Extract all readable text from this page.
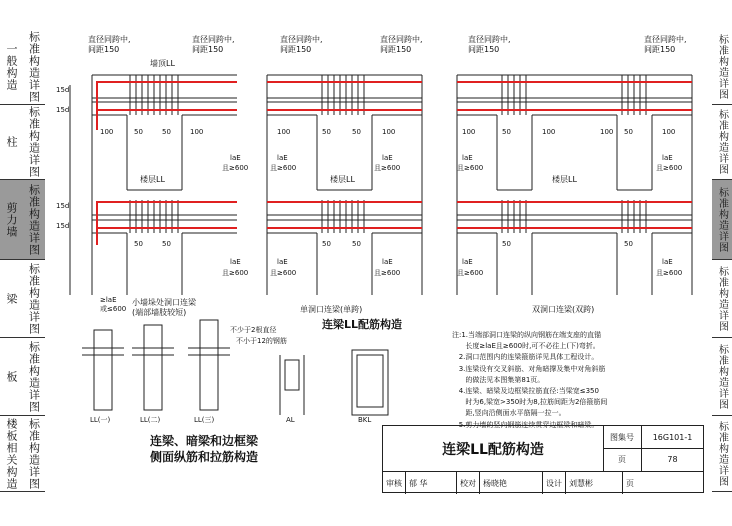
一般构造 标准构造详图
柱 标准构造详图
剪力墙 标准构造详图
梁 标准构造详图
板 标准构造详图
楼板相关构造 标准构造详图
标准构造详图
标准构造详图
标准构造详图
标准构造详图
标准构造详图
标准构造详图
直径同跨中,
间距150
墙顶LL
直径同跨中,
间距150
直径同跨中,
间距150
直径同跨中,
间距150
直径同跨中,
间距150
直径同跨中,
间距150
15d
15d
15d
15d
100	50	50	100
laE
且≥600
楼层LL
50	50
laE
且≥600
≥laE
或≤600
小墙垛处洞口连梁
(端部墙肢较短)
100	50	50	100
laE
且≥600
laE
且≥600
楼层LL
50	50
laE
且≥600
laE
且≥600
单洞口连梁(单跨)
100	50	100	100 50	100
laE
且≥600
laE
且≥600
楼层LL
50	50
laE
且≥600
laE
且≥600
双洞口连梁(双跨)
连梁LL配筋构造
不少于2根直径
不小于12的钢筋
LL(一)	LL(二)	LL(三)	AL	BKL
连梁、暗梁和边框梁
侧面纵筋和拉筋构造
注:1.当端部洞口连梁的纵向钢筋在端支座的直锚
长度≥laE且≥600时,可不必往上(下)弯折。
2.洞口范围内的连梁箍筋详见具体工程设计。
3.连梁设有交叉斜筋、对角暗撑及集中对角斜筋
的做法见本图集第81页。
4.连梁、暗梁及边框梁拉筋直径:当梁宽≤350
时为6,梁宽>350时为8,拉筋间距为2倍箍筋间
距,竖向沿侧面水平筋隔一拉一。
5.剪力墙的竖向钢筋连续贯穿边框梁和暗梁。
连梁LL配筋构造
图集号	16G101-1
页	78
审核 郁 华	校对 杨晓艳	设计 刘慧彬	页
